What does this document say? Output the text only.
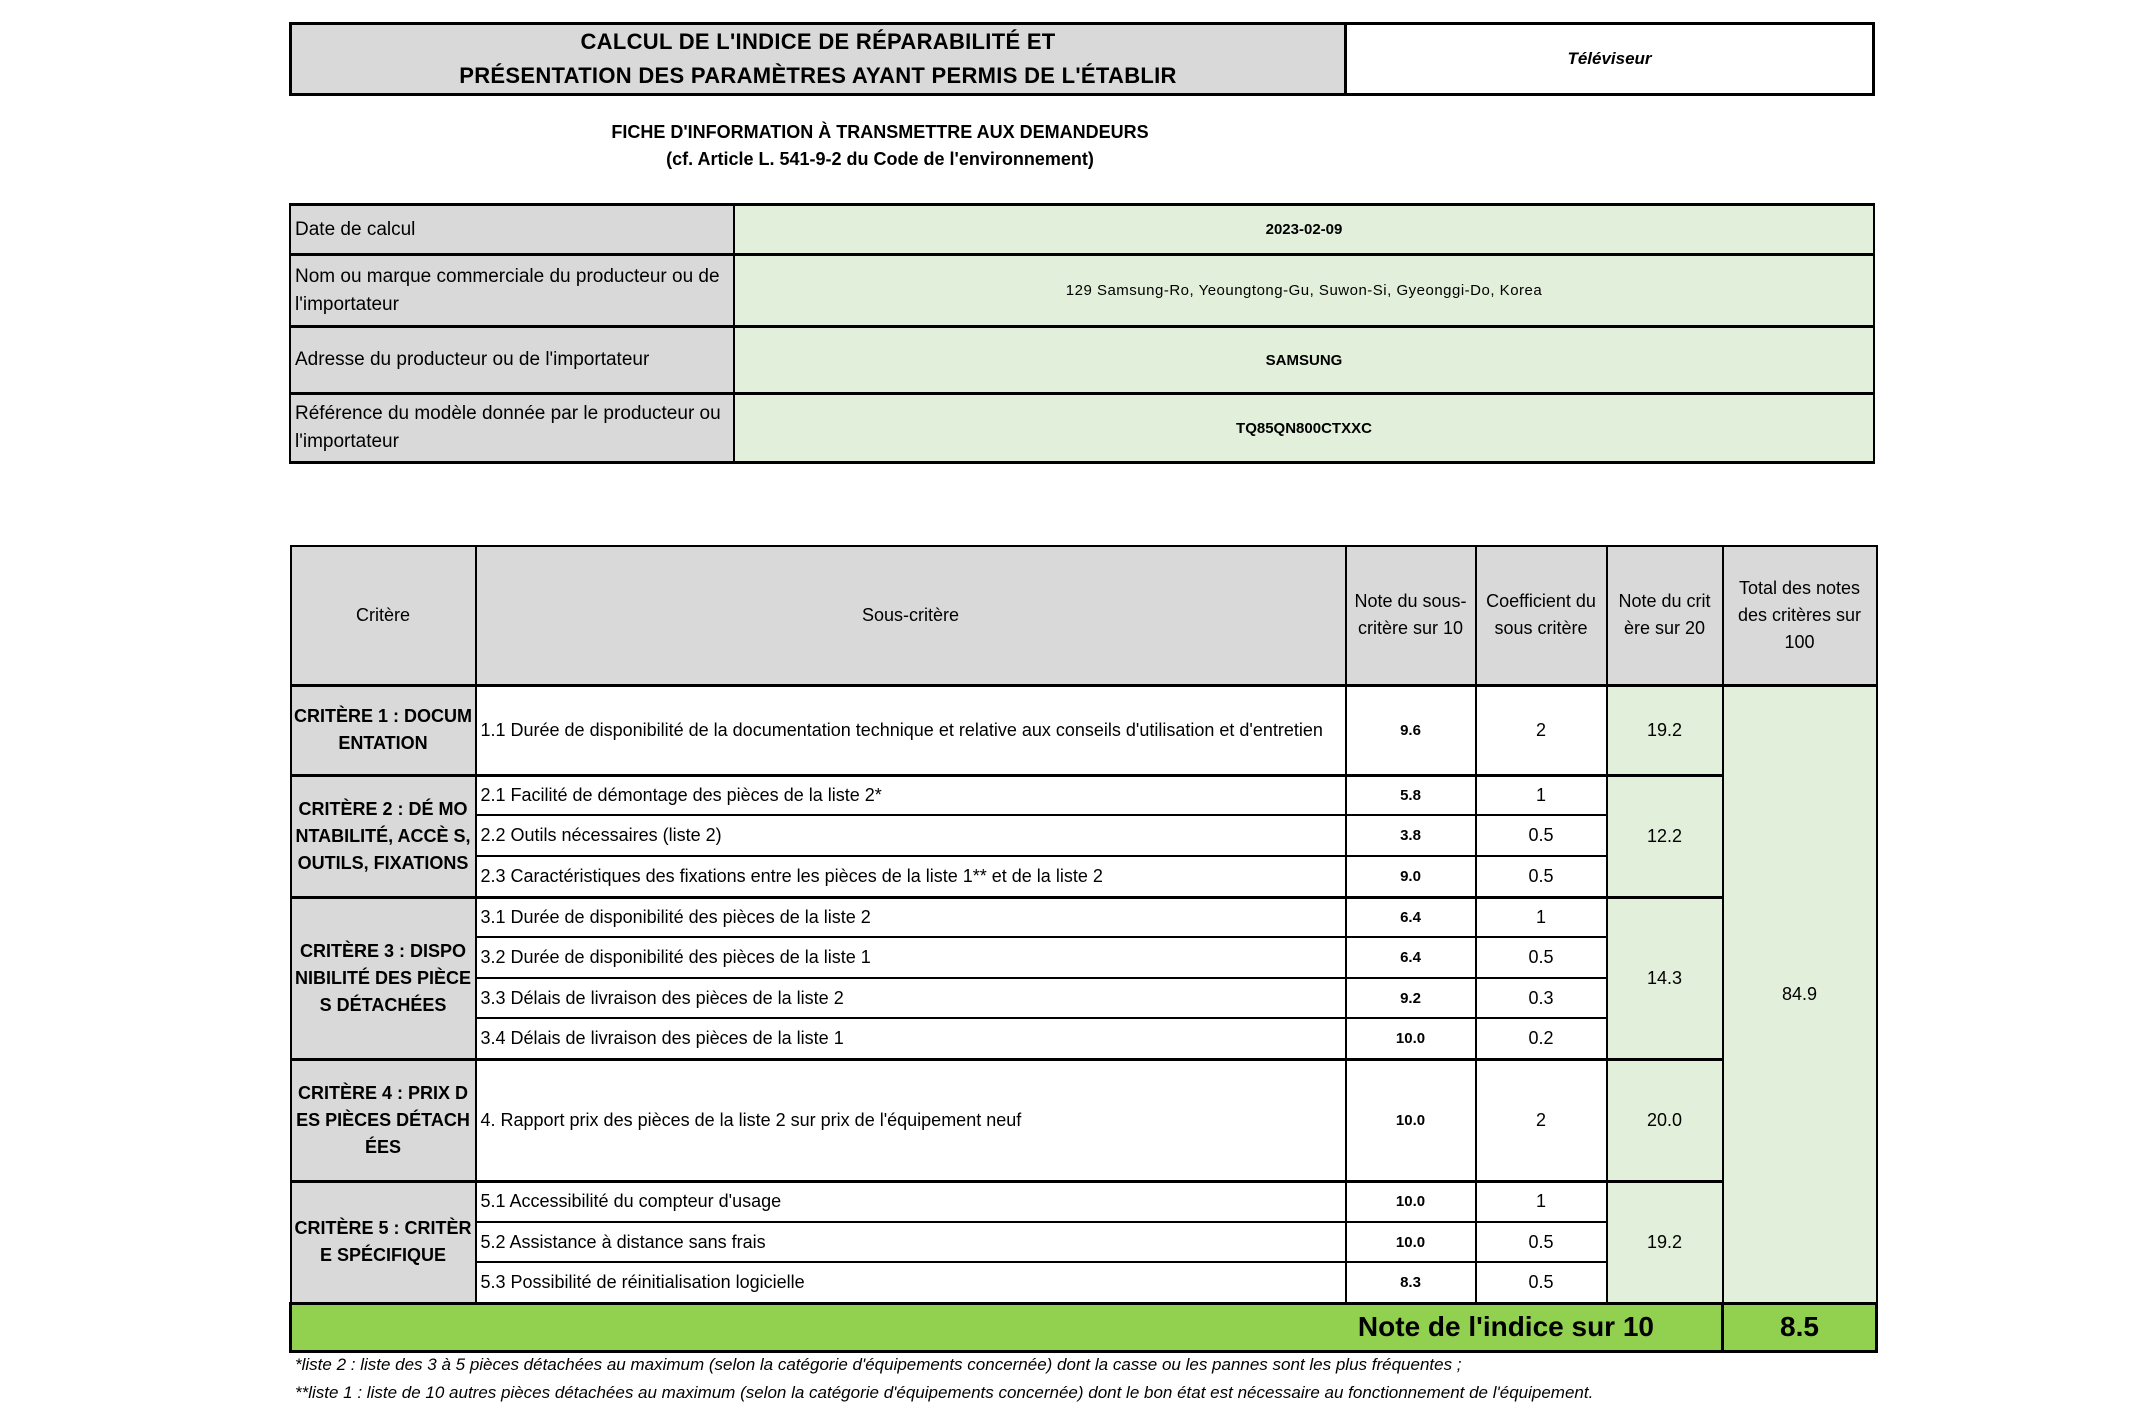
CALCUL DE L'INDICE DE RÉPARABILITÉ ET
PRÉSENTATION DES PARAMÈTRES AYANT PERMIS DE L'ÉTABLIR
	Téléviseur
FICHE D'INFORMATION À TRANSMETTRE AUX DEMANDEURS
(cf. Article L. 541-9-2 du Code de l'environnement)
Date de calcul	2023-02-09
Nom ou marque commerciale du producteur ou de l'importateur	129 Samsung-Ro, Yeoungtong-Gu, Suwon-Si, Gyeonggi-Do, Korea
Adresse du producteur ou de l'importateur	SAMSUNG
Référence du modèle donnée par le producteur ou l'importateur	TQ85QN800CTXXC
Critère	Sous-critère	Note du sous-critère sur 10	Coefficient du sous critère	Note du crit ère sur 20	Total des notes des critères sur 100
CRITÈRE 1 : DOCUMENTATION	1.1 Durée de disponibilité de la documentation technique et relative aux conseils d'utilisation et d'entretien	9.6	2	19.2	84.9
CRITÈRE 2 : DÉ MONTABILITÉ, ACCÈ S, OUTILS, FIXATIONS	2.1 Facilité de démontage des pièces de la liste 2*	5.8	1	12.2	
	2.2 Outils nécessaires (liste 2)	3.8	0.5		
	2.3 Caractéristiques des fixations entre les pièces de la liste 1** et de la liste 2	9.0	0.5		
CRITÈRE 3 : DISPONIBILITÉ DES PIÈCES DÉTACHÉES	3.1 Durée de disponibilité des pièces de la liste 2	6.4	1	14.3	
	3.2 Durée de disponibilité des pièces de la liste 1	6.4	0.5		
	3.3 Délais de livraison des pièces de la liste 2	9.2	0.3		
	3.4 Délais de livraison des pièces de la liste 1	10.0	0.2		
CRITÈRE 4 : PRIX DES PIÈCES DÉTACH ÉES	4. Rapport prix des pièces de la liste 2 sur prix de l'équipement neuf	10.0	2	20.0	
CRITÈRE 5 : CRITÈRE SPÉCIFIQUE	5.1 Accessibilité du compteur d'usage	10.0	1	19.2	
	5.2 Assistance à distance sans frais	10.0	0.5		
	5.3 Possibilité de réinitialisation logicielle	8.3	0.5		
Note de l'indice sur 10					8.5
*liste 2 : liste des 3 à 5 pièces détachées au maximum (selon la catégorie d'équipements concernée) dont la casse ou les pannes sont les plus fréquentes ;
**liste 1 : liste de 10 autres pièces détachées au maximum (selon la catégorie d'équipements concernée) dont le bon état est nécessaire au fonctionnement de l'équipement.
